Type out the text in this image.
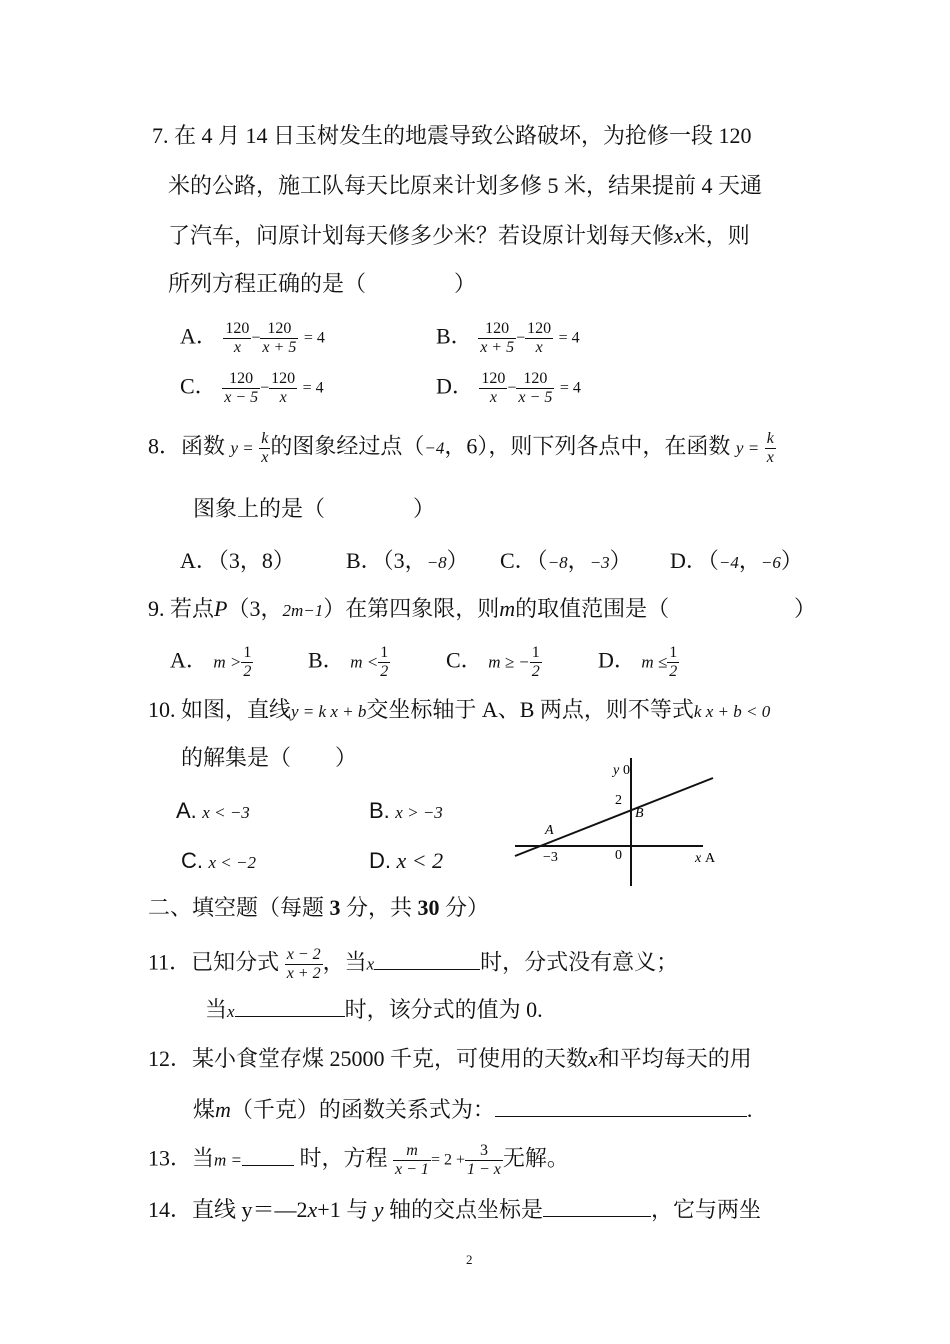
7. 在 4 月 14 日玉树发生的地震导致公路破坏，为抢修一段 120
米的公路，施工队每天比原来计划多修 5 米，结果提前 4 天通
了汽车，问原计划每天修多少米？若设原计划每天修x米，则
所列方程正确的是（　　　　）
A． $\frac{120}{x} - \frac{120}{x + 5} = 4$	B． $\frac{120}{x + 5} - \frac{120}{x} = 4$
C． $\frac{120}{x - 5} - \frac{120}{x} = 4$	D． $\frac{120}{x} - \frac{120}{x - 5} = 4$
8．函数 $y = \frac{k}{x}$ 的图象经过点（−4，6），则下列各点中，在函数 $y = \frac{k}{x}$
图象上的是（　　　　）
A．（3，8） B．（3，−8） C．（−8，−3） D．（−4，−6）
9. 若点P（3，2m−1）在第四象限，则m的取值范围是（	）
A． $m > \frac{1}{2}$ B． $m < \frac{1}{2}$	C． m ≥ − $\frac{1}{2}$	D． $m \le \frac{1}{2}$
10. 如图，直线y = k x + b交坐标轴于 A、B 两点，则不等式k x + b < 0
的解集是（　　）
A. x < −3	B. x > −3
C. x < −2	D. x < 2
y 0
2
B
A
−3	0	x A
二、填空题（每题 3 分，共 30 分）
11．已知分式 $\frac{x - 2}{x + 2}$ ，当x	时，分式没有意义；
当x	时，该分式的值为 0.
12．某小食堂存煤 25000 千克，可使用的天数x和平均每天的用
煤m（千克）的函数关系式为：	.
13．当m =	时，方程 $\frac{m}{x - 1} = 2 + \frac{3}{1 - x}$ 无解。
14．直线 y＝—2x+1 与 y 轴的交点坐标是	，它与两坐
2
